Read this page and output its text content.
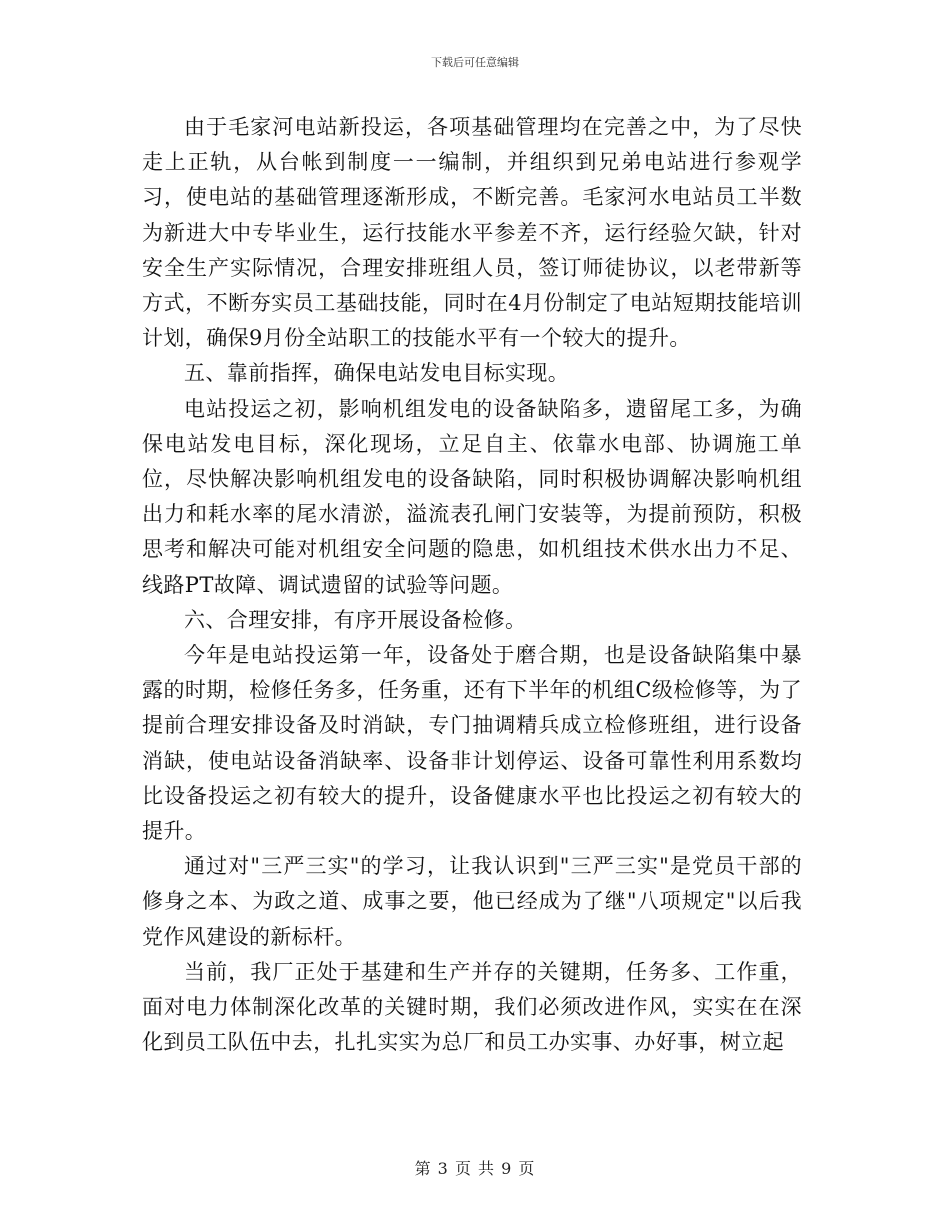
下载后可任意编辑

由于毛家河电站新投运，各项基础管理均在完善之中，为了尽快走上正轨，从台帐到制度一一编制，并组织到兄弟电站进行参观学习，使电站的基础管理逐渐形成，不断完善。毛家河水电站员工半数为新进大中专毕业生，运行技能水平参差不齐，运行经验欠缺，针对安全生产实际情况，合理安排班组人员，签订师徒协议，以老带新等方式，不断夯实员工基础技能，同时在4月份制定了电站短期技能培训计划，确保9月份全站职工的技能水平有一个较大的提升。

五、靠前指挥，确保电站发电目标实现。

电站投运之初，影响机组发电的设备缺陷多，遗留尾工多，为确保电站发电目标，深化现场，立足自主、依靠水电部、协调施工单位，尽快解决影响机组发电的设备缺陷，同时积极协调解决影响机组出力和耗水率的尾水清淤，溢流表孔闸门安装等，为提前预防，积极思考和解决可能对机组安全问题的隐患，如机组技术供水出力不足、线路PT故障、调试遗留的试验等问题。

六、合理安排，有序开展设备检修。

今年是电站投运第一年，设备处于磨合期，也是设备缺陷集中暴露的时期，检修任务多，任务重，还有下半年的机组C级检修等，为了提前合理安排设备及时消缺，专门抽调精兵成立检修班组，进行设备消缺，使电站设备消缺率、设备非计划停运、设备可靠性利用系数均比设备投运之初有较大的提升，设备健康水平也比投运之初有较大的提升。

通过对"三严三实"的学习，让我认识到"三严三实"是党员干部的修身之本、为政之道、成事之要，他已经成为了继"八项规定"以后我党作风建设的新标杆。

当前，我厂正处于基建和生产并存的关键期，任务多、工作重，面对电力体制深化改革的关键时期，我们必须改进作风，实实在在深化到员工队伍中去，扎扎实实为总厂和员工办实事、办好事，树立起

第 3 页 共 9 页
